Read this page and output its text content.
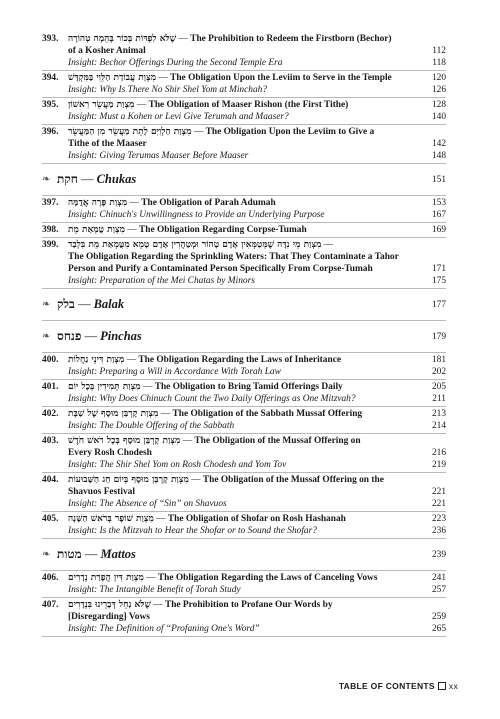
393.	שֶׁלֹּא לִפְדּוֹת בְּכוֹר בְּהֵמָה טְהוֹרָה — The Prohibition to Redeem the Firstborn (Bechor)
of a Kosher Animal	112
Insight: Bechor Offerings During the Second Temple Era	118
394.	מִצְוַת עֲבוֹדַת הַלֵּוִי בַּמִּקְדָּשׁ — The Obligation Upon the Leviim to Serve in the Temple	120
Insight: Why Is There No Shir Shel Yom at Minchah?	126
395.	מִצְוַת מַעֲשֵׂר רִאשׁוֹן — The Obligation of Maaser Rishon (the First Tithe)	128
Insight: Must a Kohen or Levi Give Terumah and Maaser?	140
396.	מִצְוַת הַלְוִיִּם לָתֵת מַעֲשֵׂר מִן הַמַּעֲשֵׂר — The Obligation Upon the Leviim to Give a
Tithe of the Maaser	142
Insight: Giving Terumas Maaser Before Maaser	148
❧ חקת — Chukas	151
397.	מִצְוַת פָּרָה אֲדֻמָּה — The Obligation of Parah Adumah	153
Insight: Chinuch's Unwillingness to Provide an Underlying Purpose	167
398.	מִצְוַת טֻמְאַת מֵת — The Obligation Regarding Corpse-Tumah	169
399.	מִצְוַת מֵי נִדָּה שֶׁמְּטַמְּאִין אָדָם טָהוֹר וּמְטַהֲרִין אָדָם טָמֵא מִטֻּמְאַת מֵת בִּלְבַד —
The Obligation Regarding the Sprinkling Waters: That They Contaminate a Tahor
Person and Purify a Contaminated Person Specifically From Corpse-Tumah	171
Insight: Preparation of the Mei Chatas by Minors	175
❧ בלק — Balak	177
❧ פנחס — Pinchas	179
400.	מִצְוַת דִּינֵי נַחֲלוֹת — The Obligation Regarding the Laws of Inheritance	181
Insight: Preparing a Will in Accordance With Torah Law	202
401.	מִצְוַת תְּמִידִין בְּכָל יוֹם — The Obligation to Bring Tamid Offerings Daily	205
Insight: Why Does Chinuch Count the Two Daily Offerings as One Mitzvah?	211
402.	מִצְוַת קָרְבַּן מוּסָף שֶׁל שַׁבָּת — The Obligation of the Sabbath Mussaf Offering	213
Insight: The Double Offering of the Sabbath	214
403.	מִצְוַת קָרְבַּן מוּסָף בְּכָל רֹאשׁ חֹדֶשׁ — The Obligation of the Mussaf Offering on
Every Rosh Chodesh	216
Insight: The Shir Shel Yom on Rosh Chodesh and Yom Tov	219
404.	מִצְוַת קָרְבַּן מוּסָף בְּיוֹם חַג הַשָּׁבוּעוֹת — The Obligation of the Mussaf Offering on the
Shavuos Festival	221
Insight: The Absence of “Sin” on Shavuos	221
405.	מִצְוַת שׁוֹפָר בְּרֹאשׁ הַשָּׁנָה — The Obligation of Shofar on Rosh Hashanah	223
Insight: Is the Mitzvah to Hear the Shofar or to Sound the Shofar?	236
❧ מטות — Mattos	239
406.	מִצְוַת דִּין הֲפָרַת נְדָרִים — The Obligation Regarding the Laws of Canceling Vows	241
Insight: The Intangible Benefit of Torah Study	257
407.	שֶׁלֹּא נַחֵל דְּבָרֵינוּ בִּנְדָרִים — The Prohibition to Profane Our Words by
[Disregarding] Vows	259
Insight: The Definition of “Profaning One's Word”	265
TABLE OF CONTENTS xx
